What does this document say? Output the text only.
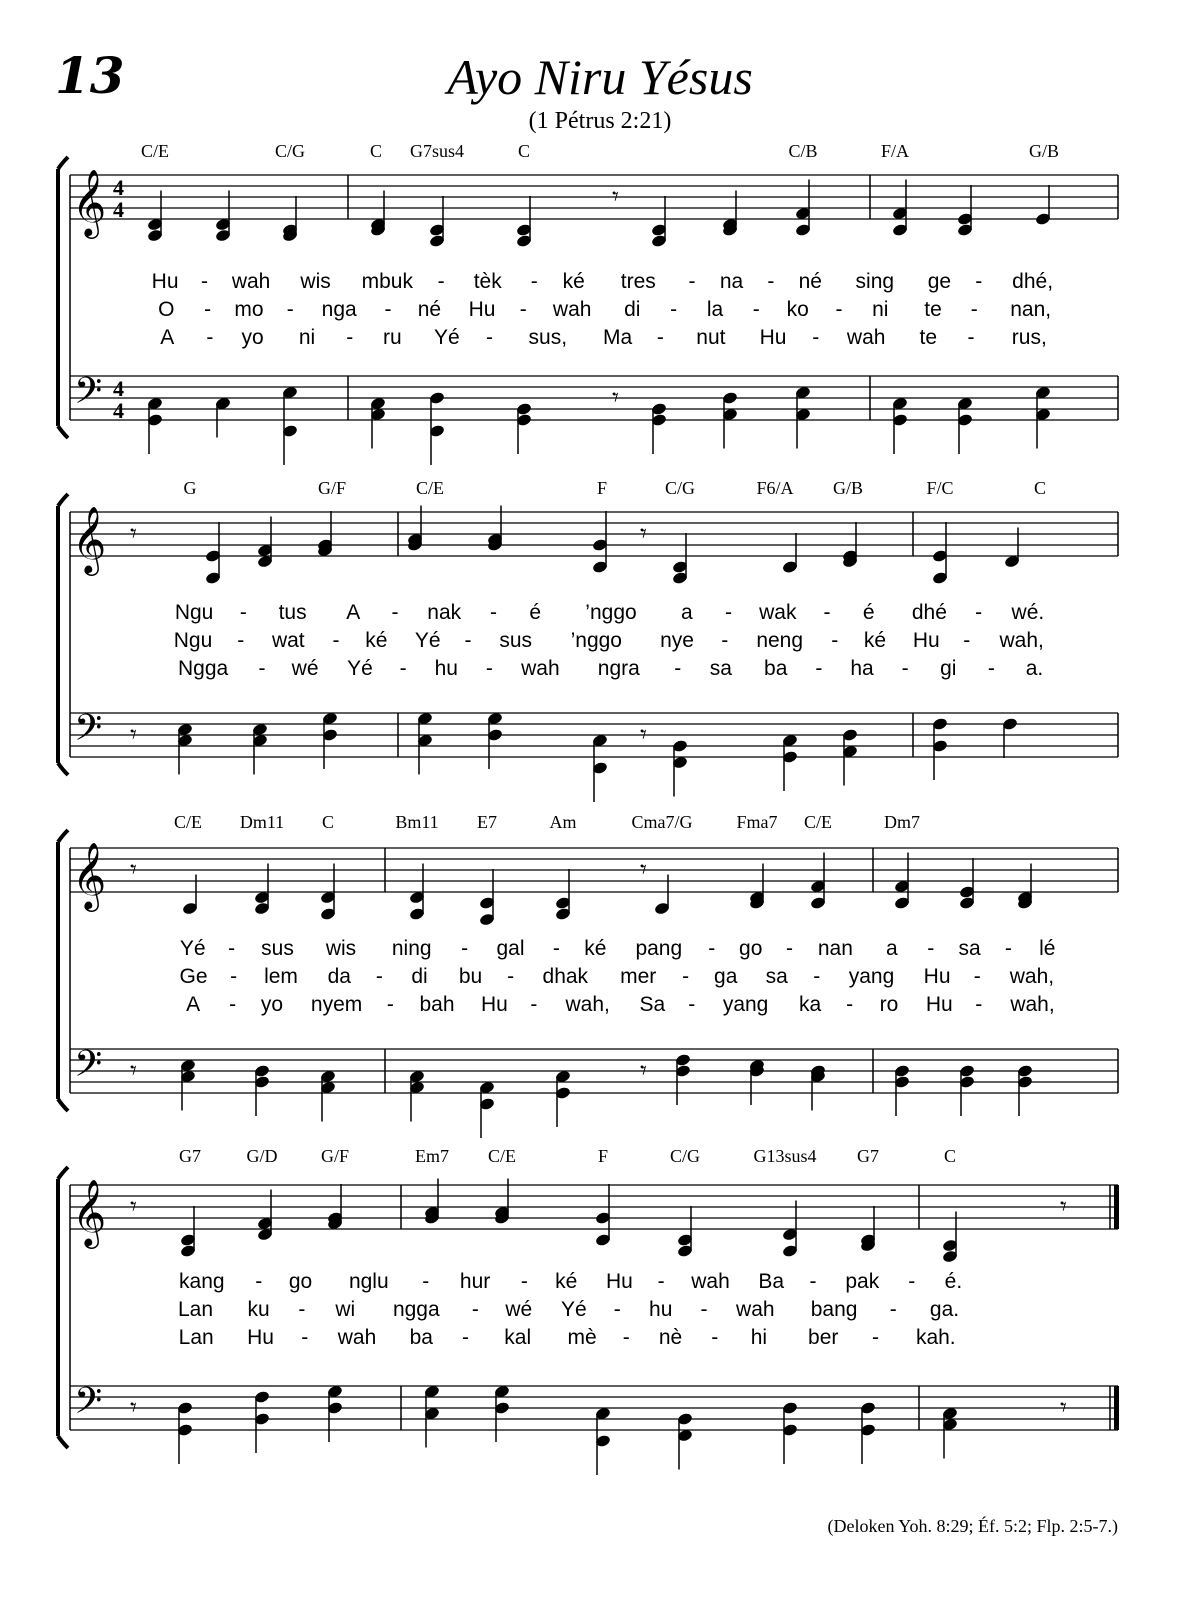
13	Ayo Niru Yésus
(1 Pétrus 2:21)
𝄞
𝄢
4
4
4
4
𝄾
𝄾
C/E	C/G	C G7sus4	C	C/B	F/A	G/B
Hu - wah wis mbuk - tèk - ké tres - na - né sing ge - dhé,
O - mo - nga - né Hu - wah di - la - ko - ni te - nan,
A - yo ni - ru Yé - sus, Ma - nut Hu - wah te - rus,
𝄞
𝄢
𝄾
𝄾
𝄾
𝄾
G	G/F	C/E	F	C/G	F6/A G/B	F/C	C
Ngu - tus A - nak - é ’nggo a - wak - é dhé - wé.
Ngu - wat - ké Yé - sus ’nggo nye - neng - ké Hu - wah,
Ngga - wé Yé - hu - wah ngra - sa ba - ha - gi - a.
𝄞
𝄢
𝄾
𝄾
𝄾
𝄾
C/E Dm11 C	Bm11 E7	Am	Cma7/G Fma7 C/E	Dm7
Yé - sus wis ning - gal - ké pang - go - nan a - sa - lé
Ge - lem da - di bu - dhak mer - ga sa - yang Hu - wah,
A - yo nyem - bah Hu - wah, Sa - yang ka - ro Hu - wah,
𝄞
𝄢
𝄾
𝄾
𝄾
𝄾
G7	G/D G/F	Em7 C/E	F	C/G	G13sus4 G7	C
kang - go nglu - hur - ké Hu - wah Ba - pak - é.
Lan ku - wi ngga - wé Yé - hu - wah bang - ga.
Lan Hu - wah ba - kal mè - nè - hi ber - kah.
(Deloken Yoh. 8:29; Éf. 5:2; Flp. 2:5-7.)
